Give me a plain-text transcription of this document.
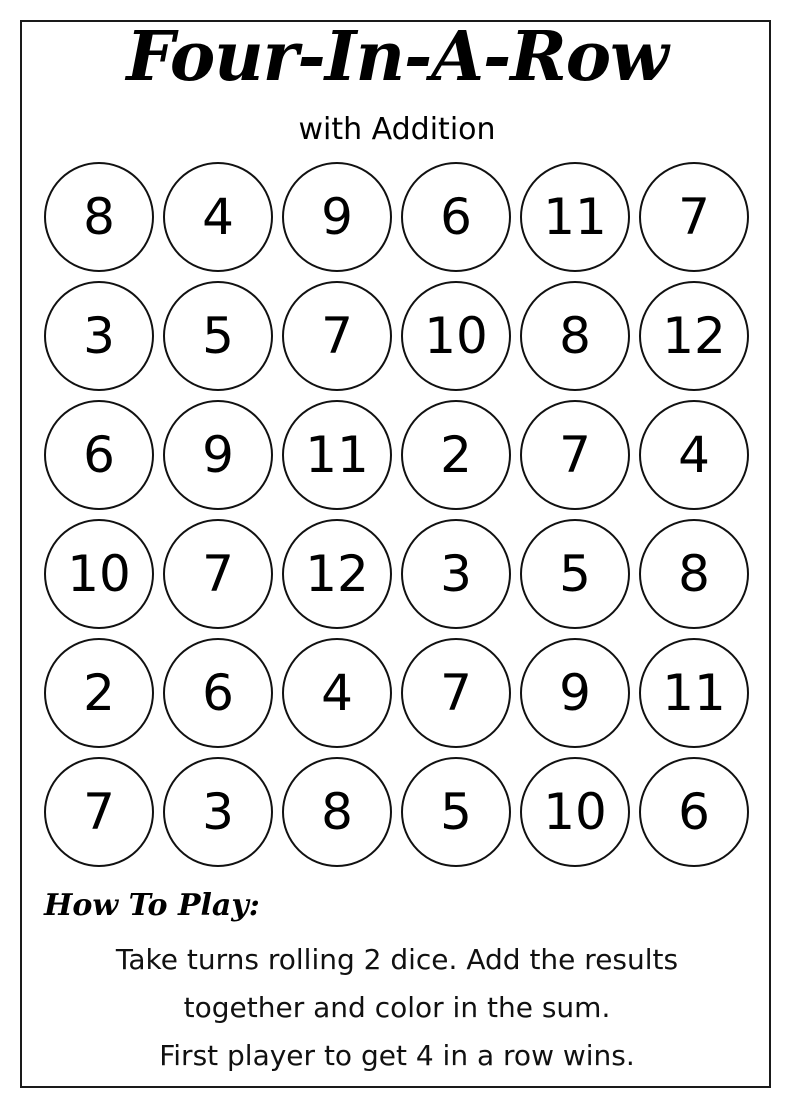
Four-In-A-Row
with Addition
8	4	9	6	11	7
3	5	7	10	8	12
6	9	11	2	7	4
10	7	12	3	5	8
2	6	4	7	9	11
7	3	8	5	10	6
How To Play:
Take turns rolling 2 dice. Add the results
together and color in the sum.
First player to get 4 in a row wins.
